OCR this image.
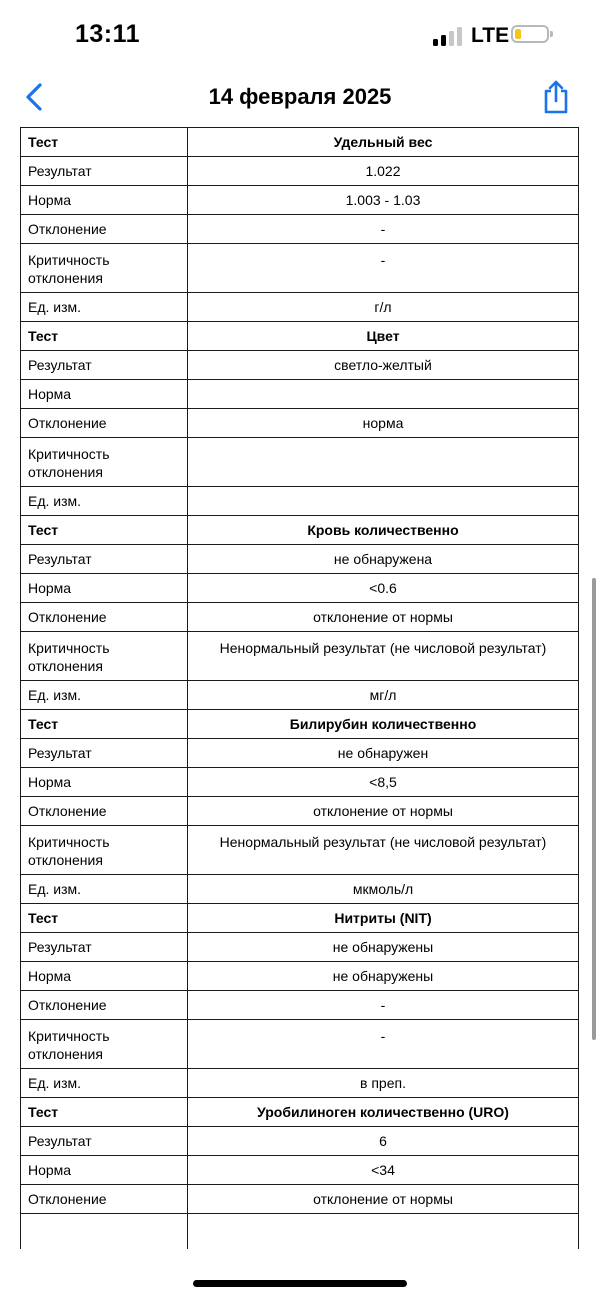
13:11	LTE
14 февраля 2025
Тест	Удельный вес
Результат	1.022
Норма	1.003 - 1.03
Отклонение	-
Критичность отклонения	-
Ед. изм.	г/л
Тест	Цвет
Результат	светло-желтый
Норма	
Отклонение	норма
Критичность отклонения	
Ед. изм.	
Тест	Кровь количественно
Результат	не обнаружена
Норма	<0.6
Отклонение	отклонение от нормы
Критичность отклонения	Ненормальный результат (не числовой результат)
Ед. изм.	мг/л
Тест	Билирубин количественно
Результат	не обнаружен
Норма	<8,5
Отклонение	отклонение от нормы
Критичность отклонения	Ненормальный результат (не числовой результат)
Ед. изм.	мкмоль/л
Тест	Нитриты (NIT)
Результат	не обнаружены
Норма	не обнаружены
Отклонение	-
Критичность отклонения	-
Ед. изм.	в преп.
Тест	Уробилиноген количественно (URO)
Результат	6
Норма	<34
Отклонение	отклонение от нормы
